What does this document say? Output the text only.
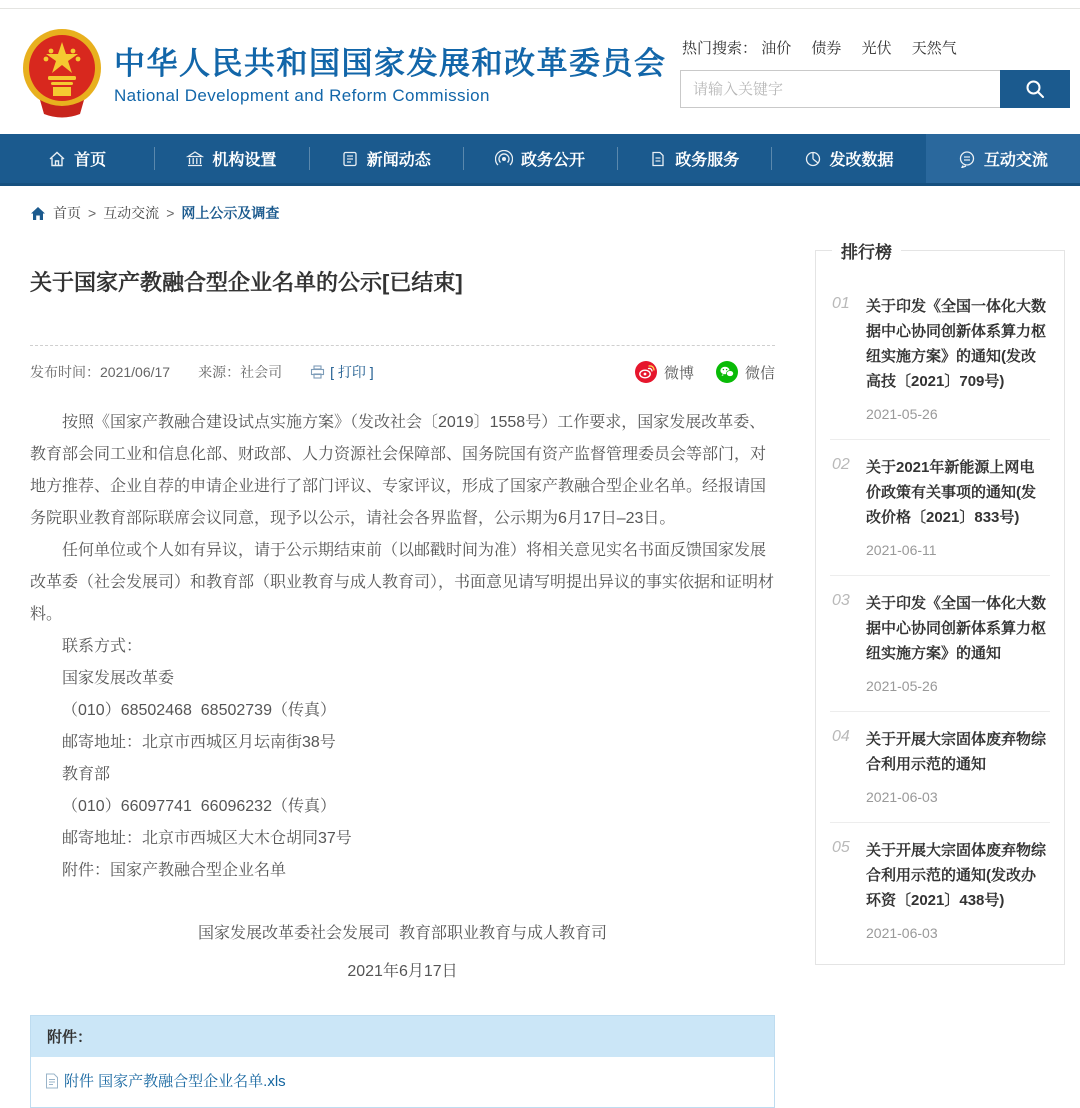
中华人民共和国国家发展和改革委员会
National Development and Reform Commission
热门搜索： 油价 债券 光伏 天然气
请输入关键字
首页	机构设置	新闻动态	政务公开	政务服务	发改数据	互动交流
首页 > 互动交流 > 网上公示及调查
关于国家产教融合型企业名单的公示[已结束]
发布时间：2021/06/17 来源：社会司	[ 打印 ]	微博	微信

按照《国家产教融合建设试点实施方案》（发改社会〔2019〕1558号）工作要求，国家发展改革委、教育部会同工业和信息化部、财政部、人力资源社会保障部、国务院国有资产监督管理委员会等部门，对地方推荐、企业自荐的申请企业进行了部门评议、专家评议，形成了国家产教融合型企业名单。经报请国务院职业教育部际联席会议同意，现予以公示，请社会各界监督，公示期为6月17日–23日。

任何单位或个人如有异议，请于公示期结束前（以邮戳时间为准）将相关意见实名书面反馈国家发展改革委（社会发展司）和教育部（职业教育与成人教育司），书面意见请写明提出异议的事实依据和证明材料。

联系方式：

国家发展改革委

（010）68502468  68502739（传真）

邮寄地址：北京市西城区月坛南街38号

教育部

（010）66097741  66096232（传真）

邮寄地址：北京市西城区大木仓胡同37号

附件：国家产教融合型企业名单

国家发展改革委社会发展司  教育部职业教育与成人教育司
2021年6月17日
附件：
附件 国家产教融合型企业名单.xls
排行榜
01	关于印发《全国一体化大数据中心协同创新体系算力枢纽实施方案》的通知(发改高技〔2021〕709号)
2021-05-26
02	关于2021年新能源上网电价政策有关事项的通知(发改价格〔2021〕833号)
2021-06-11
03	关于印发《全国一体化大数据中心协同创新体系算力枢纽实施方案》的通知
2021-05-26
04	关于开展大宗固体废弃物综合利用示范的通知
2021-06-03
05	关于开展大宗固体废弃物综合利用示范的通知(发改办环资〔2021〕438号)
2021-06-03
